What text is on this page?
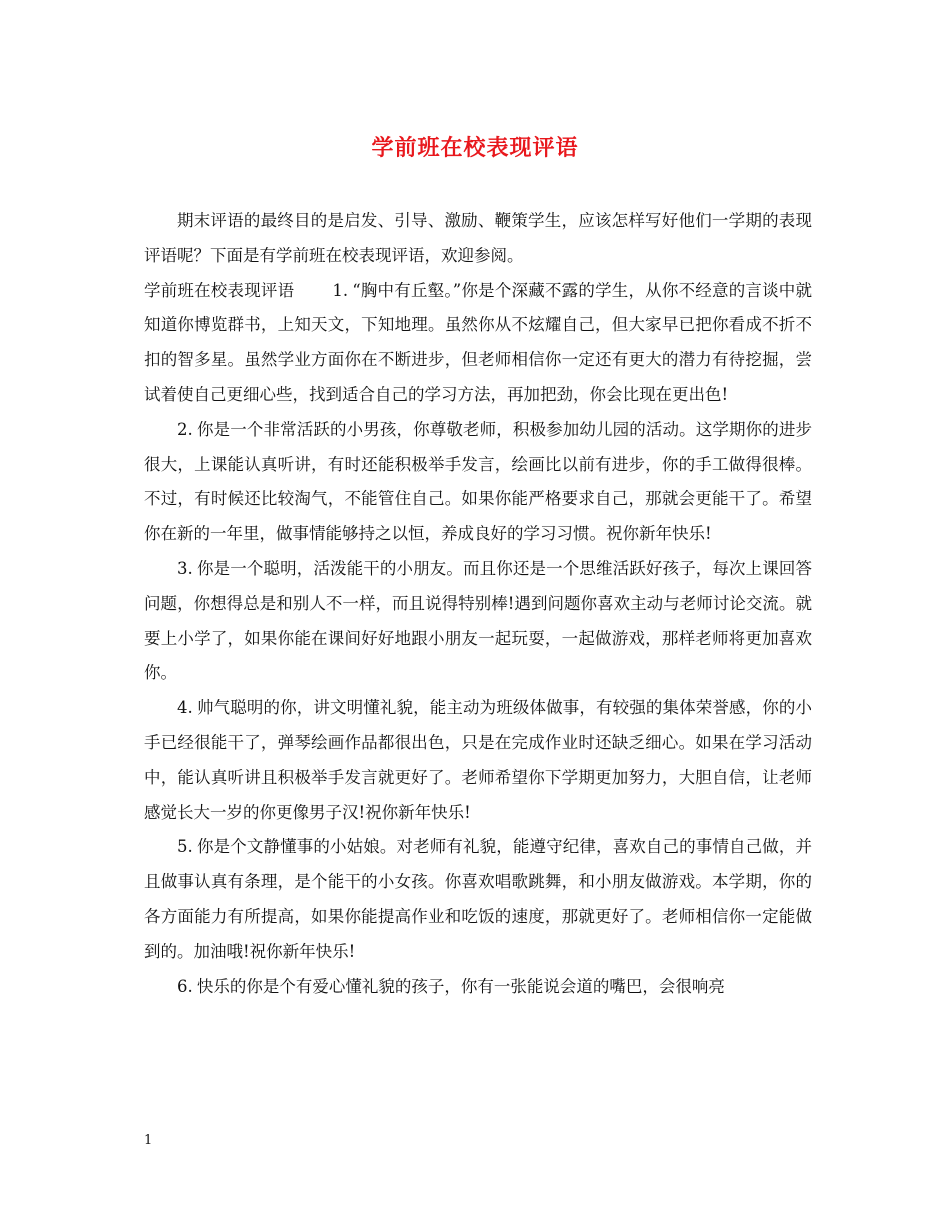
学前班在校表现评语

期末评语的最终目的是启发、引导、激励、鞭策学生，应该怎样写好他们一学期的表现评语呢？下面是有学前班在校表现评语，欢迎参阅。

学前班在校表现评语 1. “胸中有丘壑。”你是个深藏不露的学生，从你不经意的言谈中就知道你博览群书，上知天文，下知地理。虽然你从不炫耀自己，但大家早已把你看成不折不扣的智多星。虽然学业方面你在不断进步，但老师相信你一定还有更大的潜力有待挖掘，尝试着使自己更细心些，找到适合自己的学习方法，再加把劲，你会比现在更出色!

2. 你是一个非常活跃的小男孩，你尊敬老师，积极参加幼儿园的活动。这学期你的进步很大，上课能认真听讲，有时还能积极举手发言，绘画比以前有进步，你的手工做得很棒。不过，有时候还比较淘气，不能管住自己。如果你能严格要求自己，那就会更能干了。希望你在新的一年里，做事情能够持之以恒，养成良好的学习习惯。祝你新年快乐!

3. 你是一个聪明，活泼能干的小朋友。而且你还是一个思维活跃好孩子，每次上课回答问题，你想得总是和别人不一样，而且说得特别棒!遇到问题你喜欢主动与老师讨论交流。就要上小学了，如果你能在课间好好地跟小朋友一起玩耍，一起做游戏，那样老师将更加喜欢你。

4. 帅气聪明的你，讲文明懂礼貌，能主动为班级体做事，有较强的集体荣誉感，你的小手已经很能干了，弹琴绘画作品都很出色，只是在完成作业时还缺乏细心。如果在学习活动中，能认真听讲且积极举手发言就更好了。老师希望你下学期更加努力，大胆自信，让老师感觉长大一岁的你更像男子汉!祝你新年快乐!

5. 你是个文静懂事的小姑娘。对老师有礼貌，能遵守纪律，喜欢自己的事情自己做，并且做事认真有条理，是个能干的小女孩。你喜欢唱歌跳舞，和小朋友做游戏。本学期，你的各方面能力有所提高，如果你能提高作业和吃饭的速度，那就更好了。老师相信你一定能做到的。加油哦!祝你新年快乐!

6. 快乐的你是个有爱心懂礼貌的孩子，你有一张能说会道的嘴巴，会很响亮

1
